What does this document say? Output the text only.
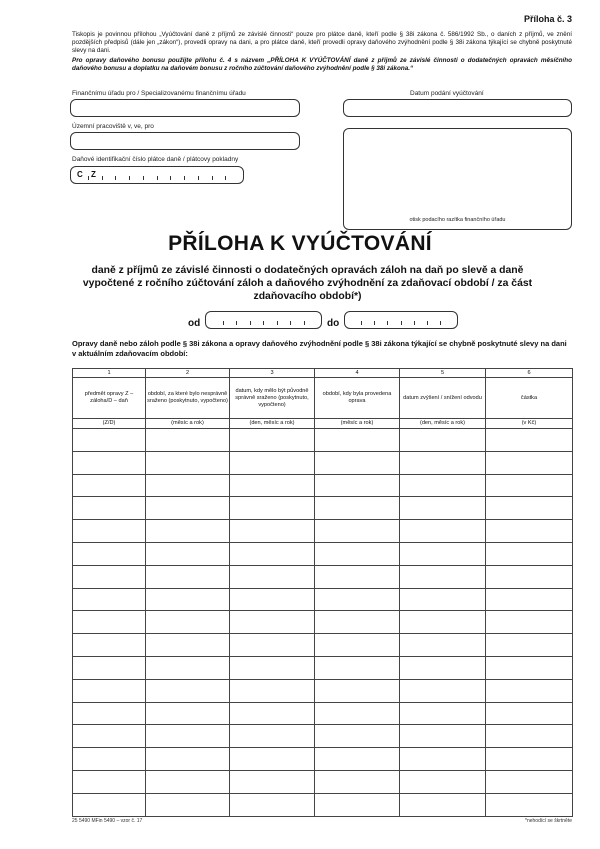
Příloha č. 3
Tiskopis je povinnou přílohou „Vyúčtování daně z příjmů ze závislé činnosti“ pouze pro plátce daně, kteří podle § 38i zákona č. 586/1992 Sb., o daních z příjmů, ve znění pozdějších předpisů (dále jen „zákon“), provedli opravy na dani, a pro plátce daně, kteří provedli opravy daňového zvýhodnění podle § 38i zákona týkající se chybně poskytnuté slevy na dani.
Pro opravy daňového bonusu použijte přílohu č. 4 s názvem „PŘÍLOHA K VYÚČTOVÁNÍ daně z příjmů ze závislé činnosti o dodatečných opravách měsíčního daňového bonusu a doplatku na daňovém bonusu z ročního zúčtování daňového zvýhodnění podle § 38i zákona.“
Finančnímu úřadu pro / Specializovanému finančnímu úřadu
Územní pracoviště v, ve, pro
Daňové identifikační číslo plátce daně / plátcovy pokladny
C Z
Datum podání vyúčtování
otisk podacího razítka finančního úřadu
PŘÍLOHA K VYÚČTOVÁNÍ
daně z příjmů ze závislé činnosti o dodatečných opravách záloh na daň po slevě a daně vypočtené z ročního zúčtování záloh a daňového zvýhodnění za zdaňovací období / za část zdaňovacího období*)
od	do
Opravy daně nebo záloh podle § 38i zákona a opravy daňového zvýhodnění podle § 38i zákona týkající se chybně poskytnuté slevy na dani v aktuálním zdaňovacím období:
1	2	3	4	5	6
předmět opravy Z – záloha/D – daň	období, za které bylo nesprávně sraženo (poskytnuto, vypočteno)	datum, kdy mělo být původně správně sraženo (poskytnuto, vypočteno)	období, kdy byla provedena oprava	datum zvýšení / snížení odvodu	částka
(Z/D)	(měsíc a rok)	(den, měsíc a rok)	(měsíc a rok)	(den, měsíc a rok)	(v Kč)

25 5490 MFin 5490 – vzor č. 17	*nehodící se škrtněte
